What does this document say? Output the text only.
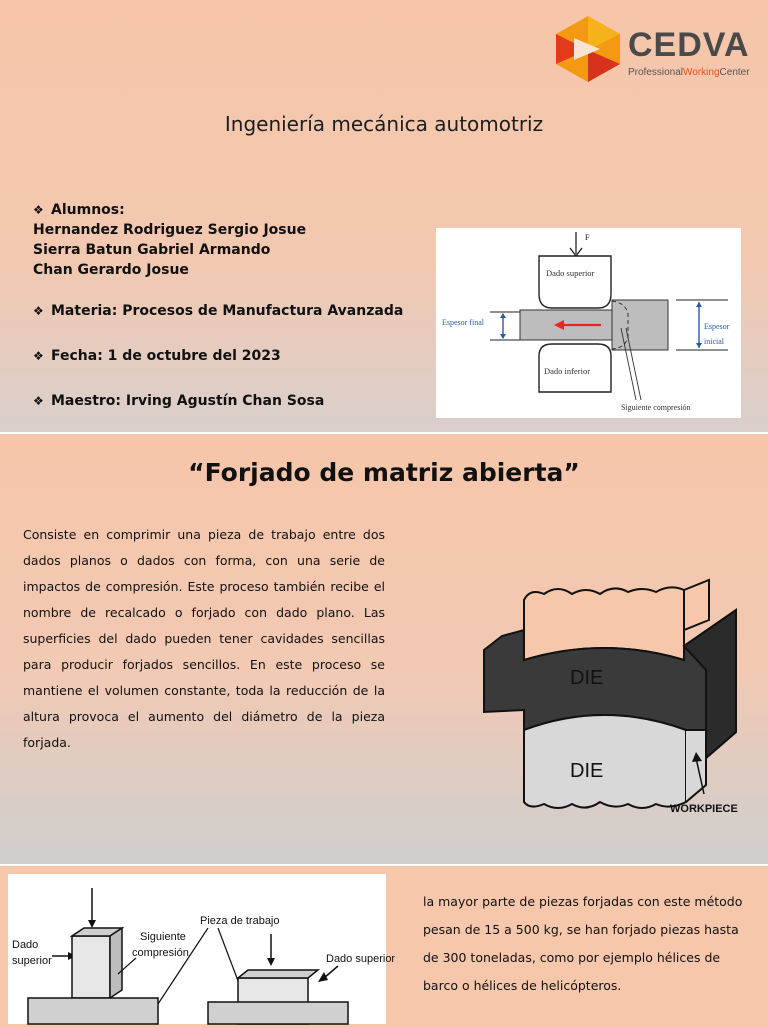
CEDVA
ProfessionalWorkingCenter
Ingeniería mecánica automotriz
❖ Alumnos:
Hernandez Rodriguez Sergio Josue
Sierra Batun Gabriel Armando
Chan Gerardo Josue
❖ Materia: Procesos de Manufactura Avanzada
❖ Fecha: 1 de octubre del 2023
❖ Maestro: Irving Agustín Chan Sosa
F
Dado superior
Dado inferior
Espesor final	Espesor
inicial
Siguiente compresión
“Forjado de matriz abierta”
Consiste en comprimir una pieza de trabajo entre dos dados planos o dados con forma, con una serie de impactos de compresión. Este proceso también recibe el nombre de recalcado o forjado con dado plano. Las superficies del dado pueden tener cavidades sencillas para producir forjados sencillos. En este proceso se mantiene el volumen constante, toda la reducción de la altura provoca el aumento del diámetro de la pieza forjada.
DIE
WORKPIECE
DIE
Dado
superior
Siguiente
compresión
Pieza de trabajo
Dado superior
la mayor parte de piezas forjadas con este método pesan de 15 a 500 kg, se han forjado piezas hasta de 300 toneladas, como por ejemplo hélices de barco o hélices de helicópteros.
